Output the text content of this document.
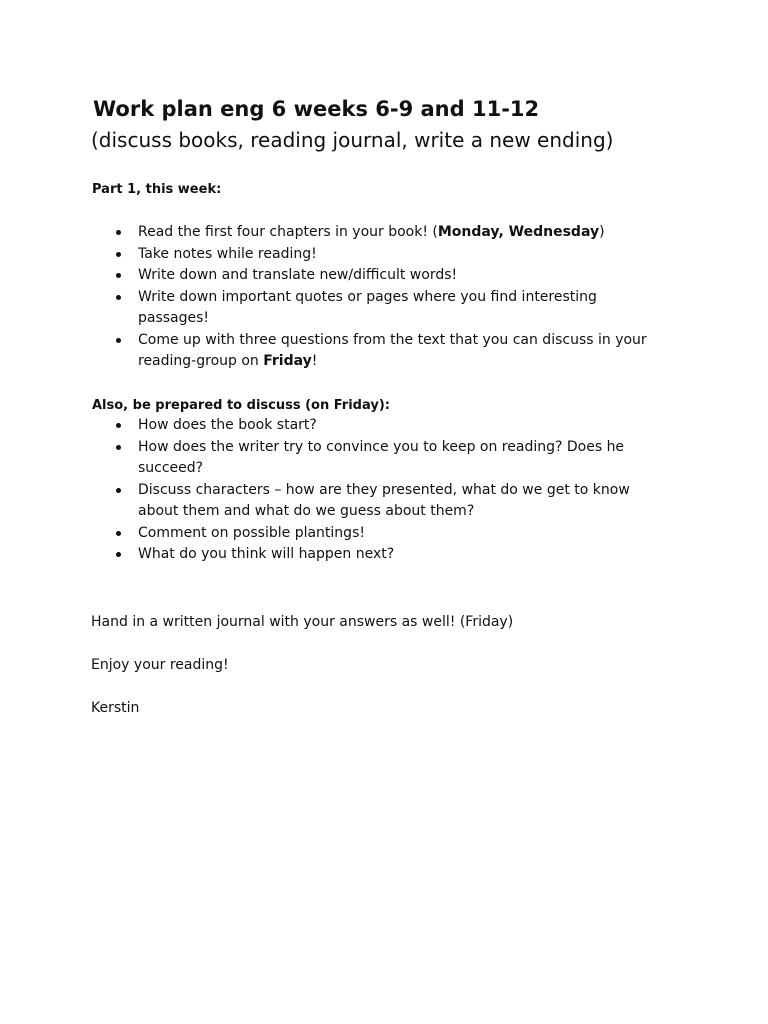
Work plan eng 6 weeks 6-9 and 11-12
(discuss books, reading journal, write a new ending)
Part 1, this week:
Read the first four chapters in your book! (Monday, Wednesday)
Take notes while reading!
Write down and translate new/difficult words!
Write down important quotes or pages where you find interesting passages!
Come up with three questions from the text that you can discuss in your reading-group on Friday!
Also, be prepared to discuss (on Friday):
How does the book start?
How does the writer try to convince you to keep on reading? Does he succeed?
Discuss characters – how are they presented, what do we get to know about them and what do we guess about them?
Comment on possible plantings!
What do you think will happen next?

Hand in a written journal with your answers as well! (Friday)

Enjoy your reading!

Kerstin
